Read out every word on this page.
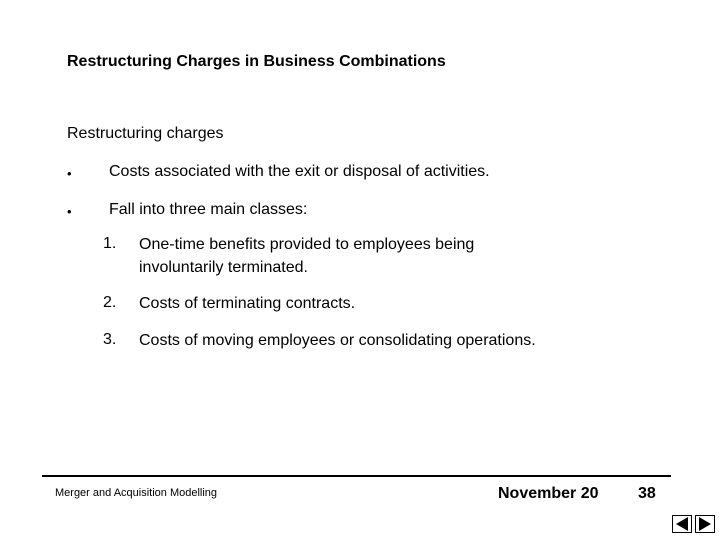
Restructuring Charges in Business Combinations
Restructuring charges
• Costs associated with the exit or disposal of activities.
• Fall into three main classes:
1. One-time benefits provided to employees being
involuntarily terminated.
2. Costs of terminating contracts.
3. Costs of moving employees or consolidating operations.
Merger and Acquisition Modelling	November 20 38
